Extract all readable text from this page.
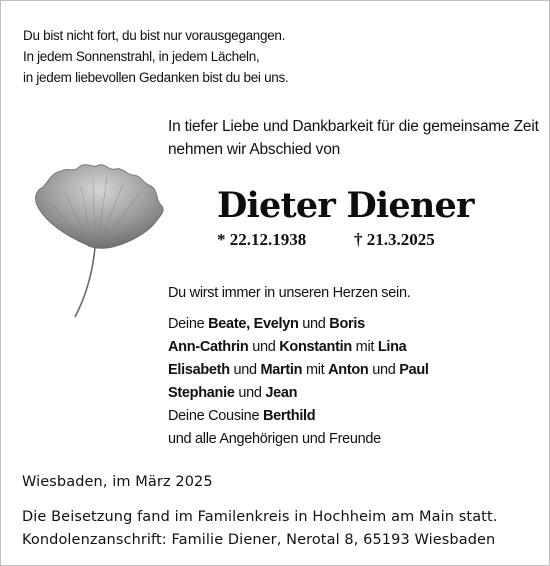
Du bist nicht fort, du bist nur vorausgegangen.
In jedem Sonnenstrahl, in jedem Lächeln,
in jedem liebevollen Gedanken bist du bei uns.
In tiefer Liebe und Dankbarkeit für die gemeinsame Zeit
nehmen wir Abschied von
Dieter Diener
* 22.12.1938	† 21.3.2025
Du wirst immer in unseren Herzen sein.
Deine Beate, Evelyn und Boris
Ann-Cathrin und Konstantin mit Lina
Elisabeth und Martin mit Anton und Paul
Stephanie und Jean
Deine Cousine Berthild
und alle Angehörigen und Freunde
Wiesbaden, im März 2025
Die Beisetzung fand im Familenkreis in Hochheim am Main statt.
Kondolenzanschrift: Familie Diener, Nerotal 8, 65193 Wiesbaden
